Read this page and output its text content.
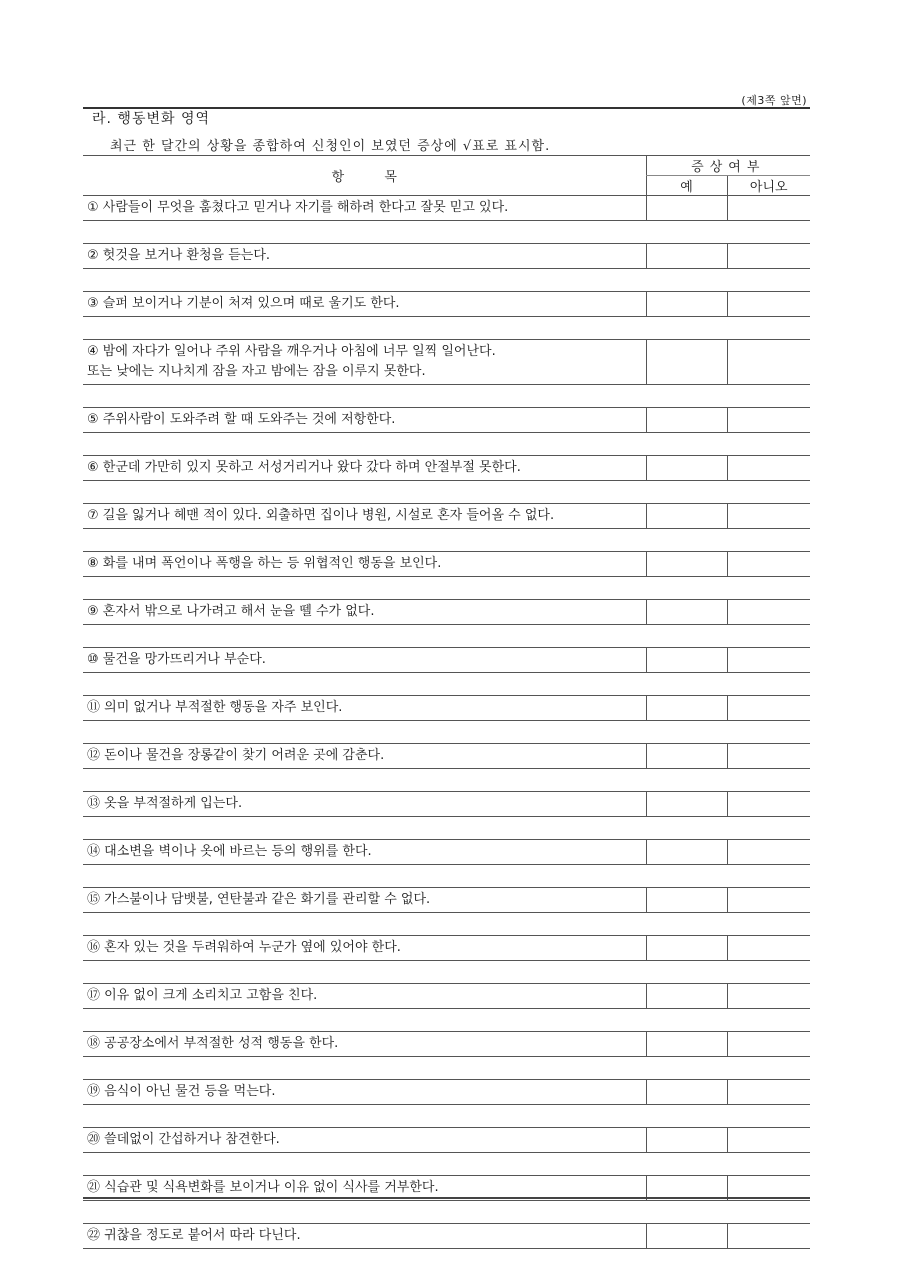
(제3쪽 앞면)
라. 행동변화 영역
최근 한 달간의 상황을 종합하여 신청인이 보였던 증상에 √표로 표시함.
항 목	증상여부	
	예	아니오
① 사람들이 무엇을 훔쳤다고 믿거나 자기를 해하려 한다고 잘못 믿고 있다.		

② 헛것을 보거나 환청을 듣는다.		

③ 슬퍼 보이거나 기분이 처져 있으며 때로 울기도 한다.		

④ 밤에 자다가 일어나 주위 사람을 깨우거나 아침에 너무 일찍 일어난다.
또는 낮에는 지나치게 잠을 자고 밤에는 잠을 이루지 못한다.		

⑤ 주위사람이 도와주려 할 때 도와주는 것에 저항한다.		

⑥ 한군데 가만히 있지 못하고 서성거리거나 왔다 갔다 하며 안절부절 못한다.		

⑦ 길을 잃거나 헤맨 적이 있다. 외출하면 집이나 병원, 시설로 혼자 들어올 수 없다.		

⑧ 화를 내며 폭언이나 폭행을 하는 등 위협적인 행동을 보인다.		

⑨ 혼자서 밖으로 나가려고 해서 눈을 뗄 수가 없다.		

⑩ 물건을 망가뜨리거나 부순다.		

⑪ 의미 없거나 부적절한 행동을 자주 보인다.		

⑫ 돈이나 물건을 장롱같이 찾기 어려운 곳에 감춘다.		

⑬ 옷을 부적절하게 입는다.		

⑭ 대소변을 벽이나 옷에 바르는 등의 행위를 한다.		

⑮ 가스불이나 담뱃불, 연탄불과 같은 화기를 관리할 수 없다.		

⑯ 혼자 있는 것을 두려워하여 누군가 옆에 있어야 한다.		

⑰ 이유 없이 크게 소리치고 고함을 친다.		

⑱ 공공장소에서 부적절한 성적 행동을 한다.		

⑲ 음식이 아닌 물건 등을 먹는다.		

⑳ 쓸데없이 간섭하거나 참견한다.		

㉑ 식습관 및 식욕변화를 보이거나 이유 없이 식사를 거부한다.		

㉒ 귀찮을 정도로 붙어서 따라 다닌다.		
